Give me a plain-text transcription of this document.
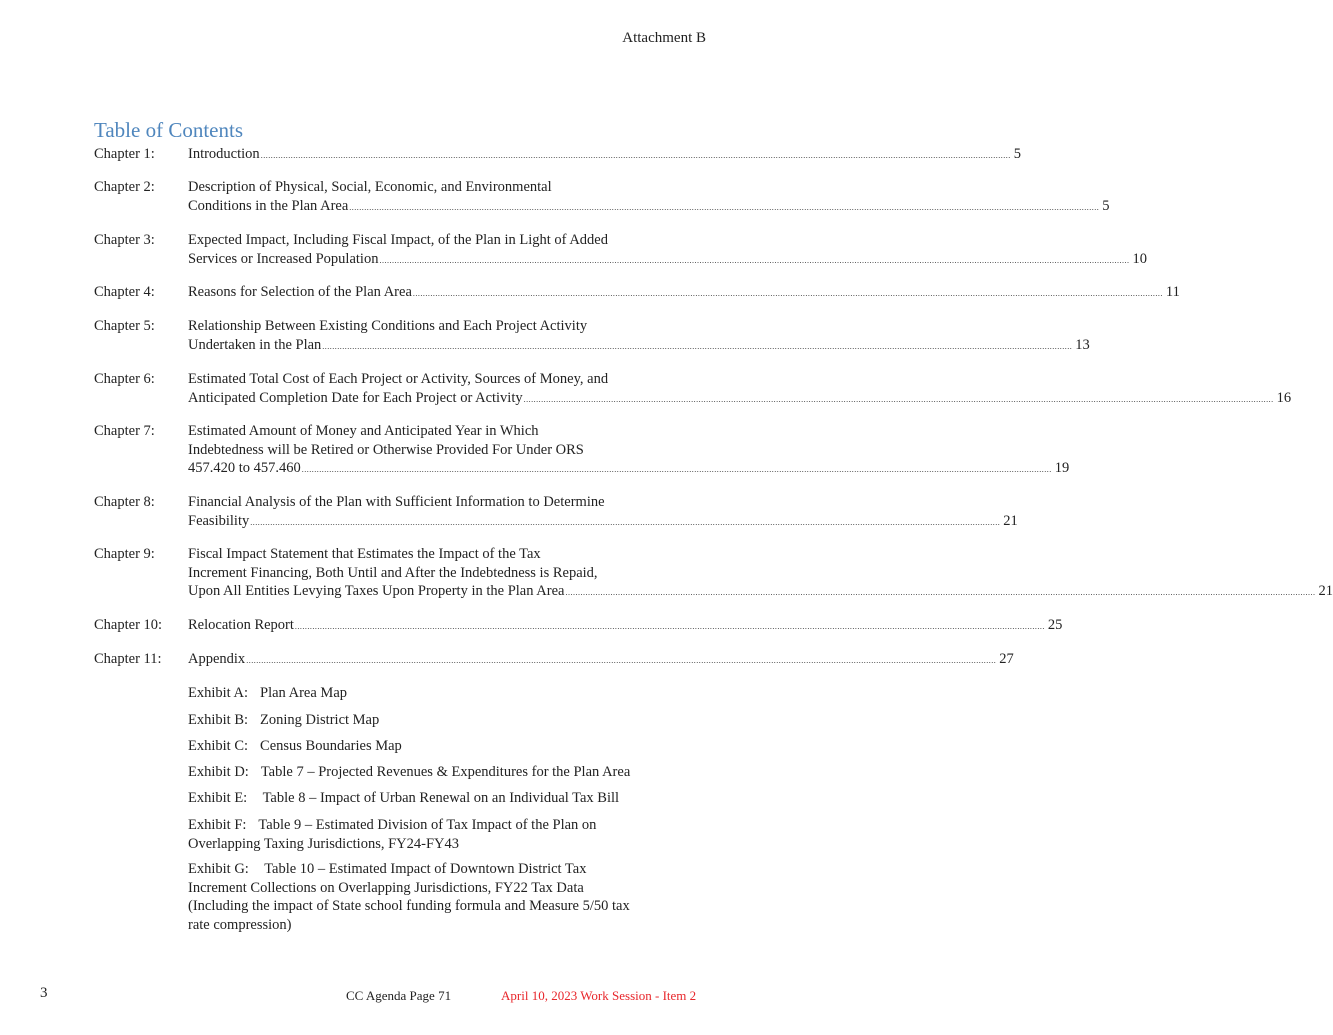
Attachment B
Table of Contents
Chapter 1: Introduction ............................................................................................................................................................................................................................................................................................................ 5
Chapter 2: Description of Physical, Social, Economic, and Environmental
Conditions in the Plan Area ............................................................................................................................................................................................................................................................................................................ 5
Chapter 3: Expected Impact, Including Fiscal Impact, of the Plan in Light of Added
Services or Increased Population ............................................................................................................................................................................................................................................................................................................ 10
Chapter 4: Reasons for Selection of the Plan Area ............................................................................................................................................................................................................................................................................................................ 11
Chapter 5: Relationship Between Existing Conditions and Each Project Activity
Undertaken in the Plan ............................................................................................................................................................................................................................................................................................................ 13
Chapter 6: Estimated Total Cost of Each Project or Activity, Sources of Money, and
Anticipated Completion Date for Each Project or Activity ............................................................................................................................................................................................................................................................................................................ 16
Chapter 7: Estimated Amount of Money and Anticipated Year in Which
Indebtedness will be Retired or Otherwise Provided For Under ORS
457.420 to 457.460 ............................................................................................................................................................................................................................................................................................................ 19
Chapter 8: Financial Analysis of the Plan with Sufficient Information to Determine
Feasibility ............................................................................................................................................................................................................................................................................................................ 21
Chapter 9: Fiscal Impact Statement that Estimates the Impact of the Tax
Increment Financing, Both Until and After the Indebtedness is Repaid,
Upon All Entities Levying Taxes Upon Property in the Plan Area ............................................................................................................................................................................................................................................................................................................ 21
Chapter 10: Relocation Report ............................................................................................................................................................................................................................................................................................................ 25
Chapter 11: Appendix ............................................................................................................................................................................................................................................................................................................ 27
Exhibit A: Plan Area Map
Exhibit B: Zoning District Map
Exhibit C: Census Boundaries Map
Exhibit D: Table 7 – Projected Revenues & Expenditures for the Plan Area
Exhibit E: Table 8 – Impact of Urban Renewal on an Individual Tax Bill
Exhibit F: Table 9 – Estimated Division of Tax Impact of the Plan on
Overlapping Taxing Jurisdictions, FY24-FY43
Exhibit G: Table 10 – Estimated Impact of Downtown District Tax
Increment Collections on Overlapping Jurisdictions, FY22 Tax Data
(Including the impact of State school funding formula and Measure 5/50 tax
rate compression)
3	CC Agenda Page 71	April 10, 2023 Work Session - Item 2
